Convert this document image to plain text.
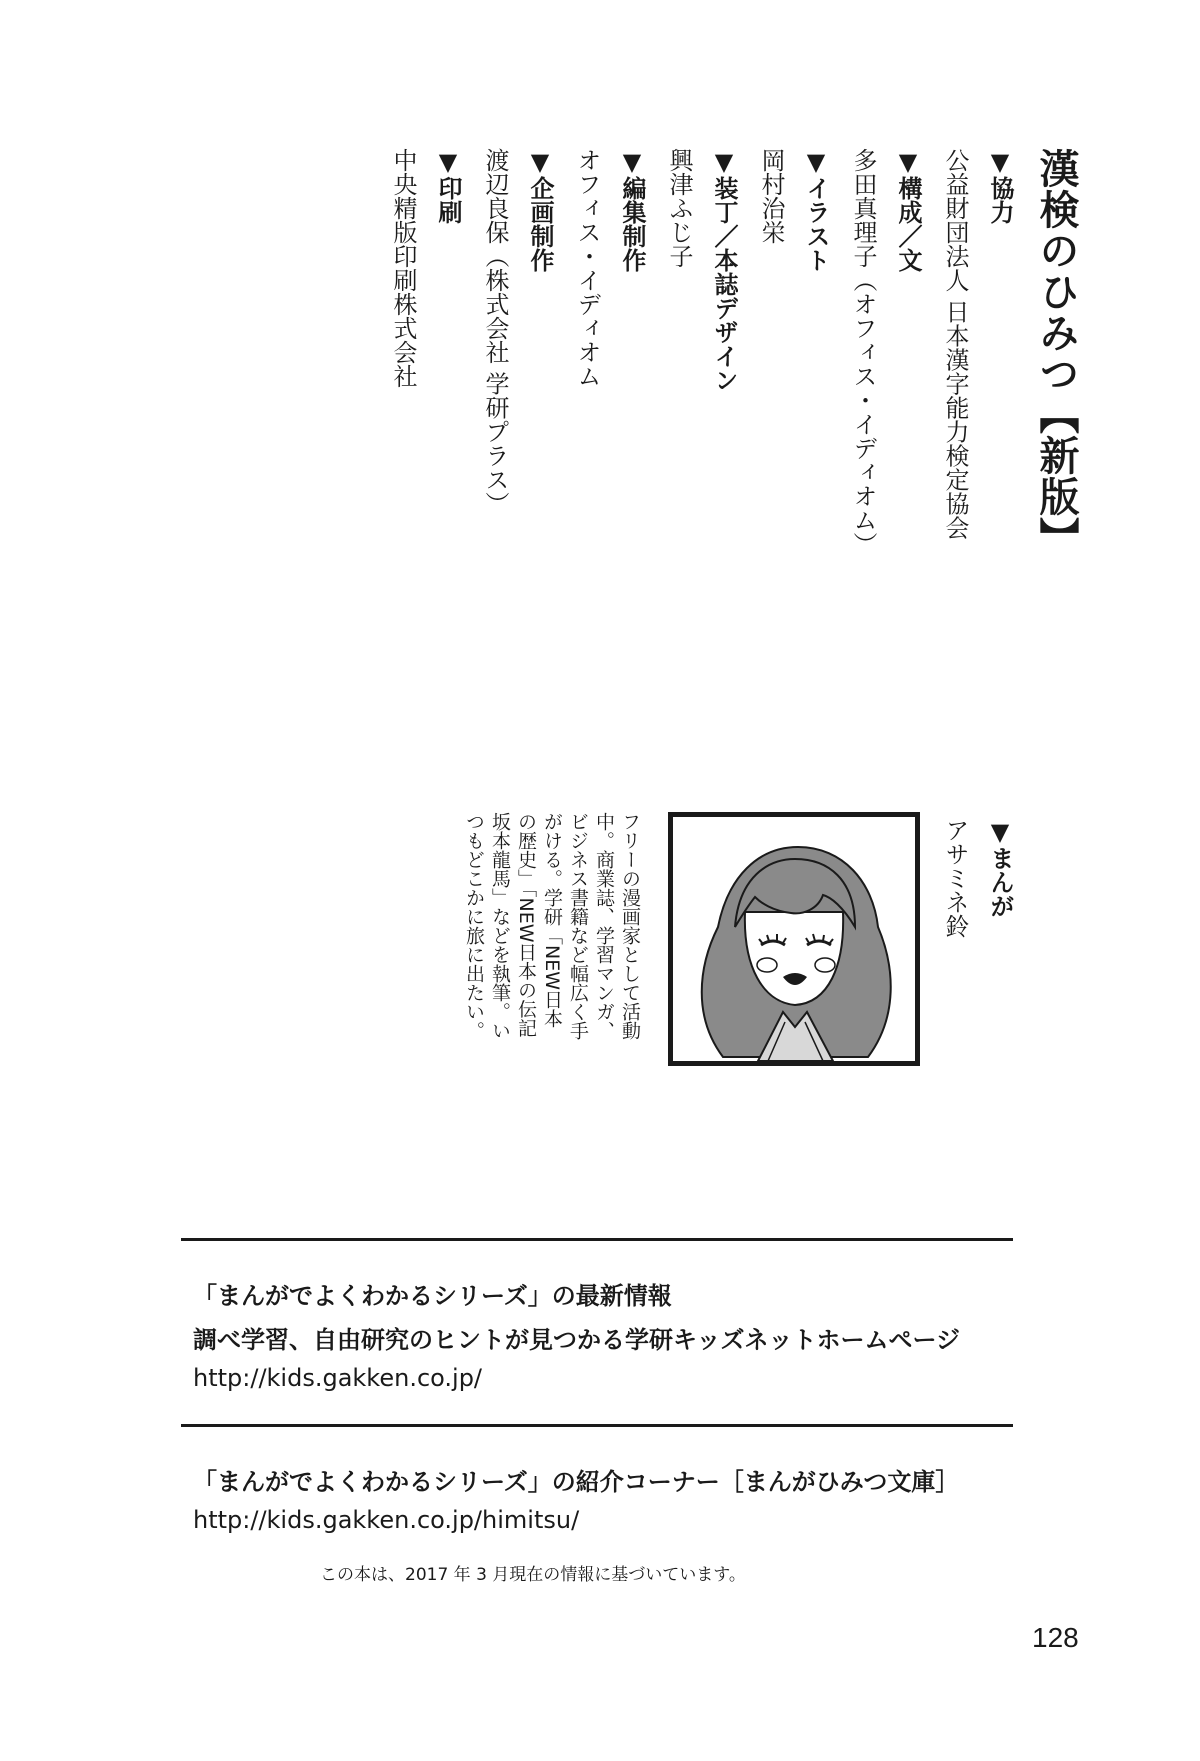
漢検のひみつ【新版】
▼協力
公益財団法人 日本漢字能力検定協会
▼構成／文
多田真理子（オフィス・イディオム）
▼イラスト
岡村治栄
▼装丁／本誌デザイン
興津ふじ子
▼編集制作
オフィス・イディオム
▼企画制作
渡辺良保（株式会社 学研プラス）
▼印刷
中央精版印刷株式会社
▼まんが
アサミネ鈴
フリーの漫画家として活動
中。商業誌、学習マンガ、
ビジネス書籍など幅広く手
がける。学研「NEW日本
の歴史」「NEW日本の伝記
坂本龍馬」などを執筆。い
つもどこかに旅に出たい。
「まんがでよくわかるシリーズ」の最新情報
調べ学習、自由研究のヒントが見つかる学研キッズネットホームページ
http://kids.gakken.co.jp/
「まんがでよくわかるシリーズ」の紹介コーナー［まんがひみつ文庫］
http://kids.gakken.co.jp/himitsu/
この本は、2017 年 3 月現在の情報に基づいています。
128
